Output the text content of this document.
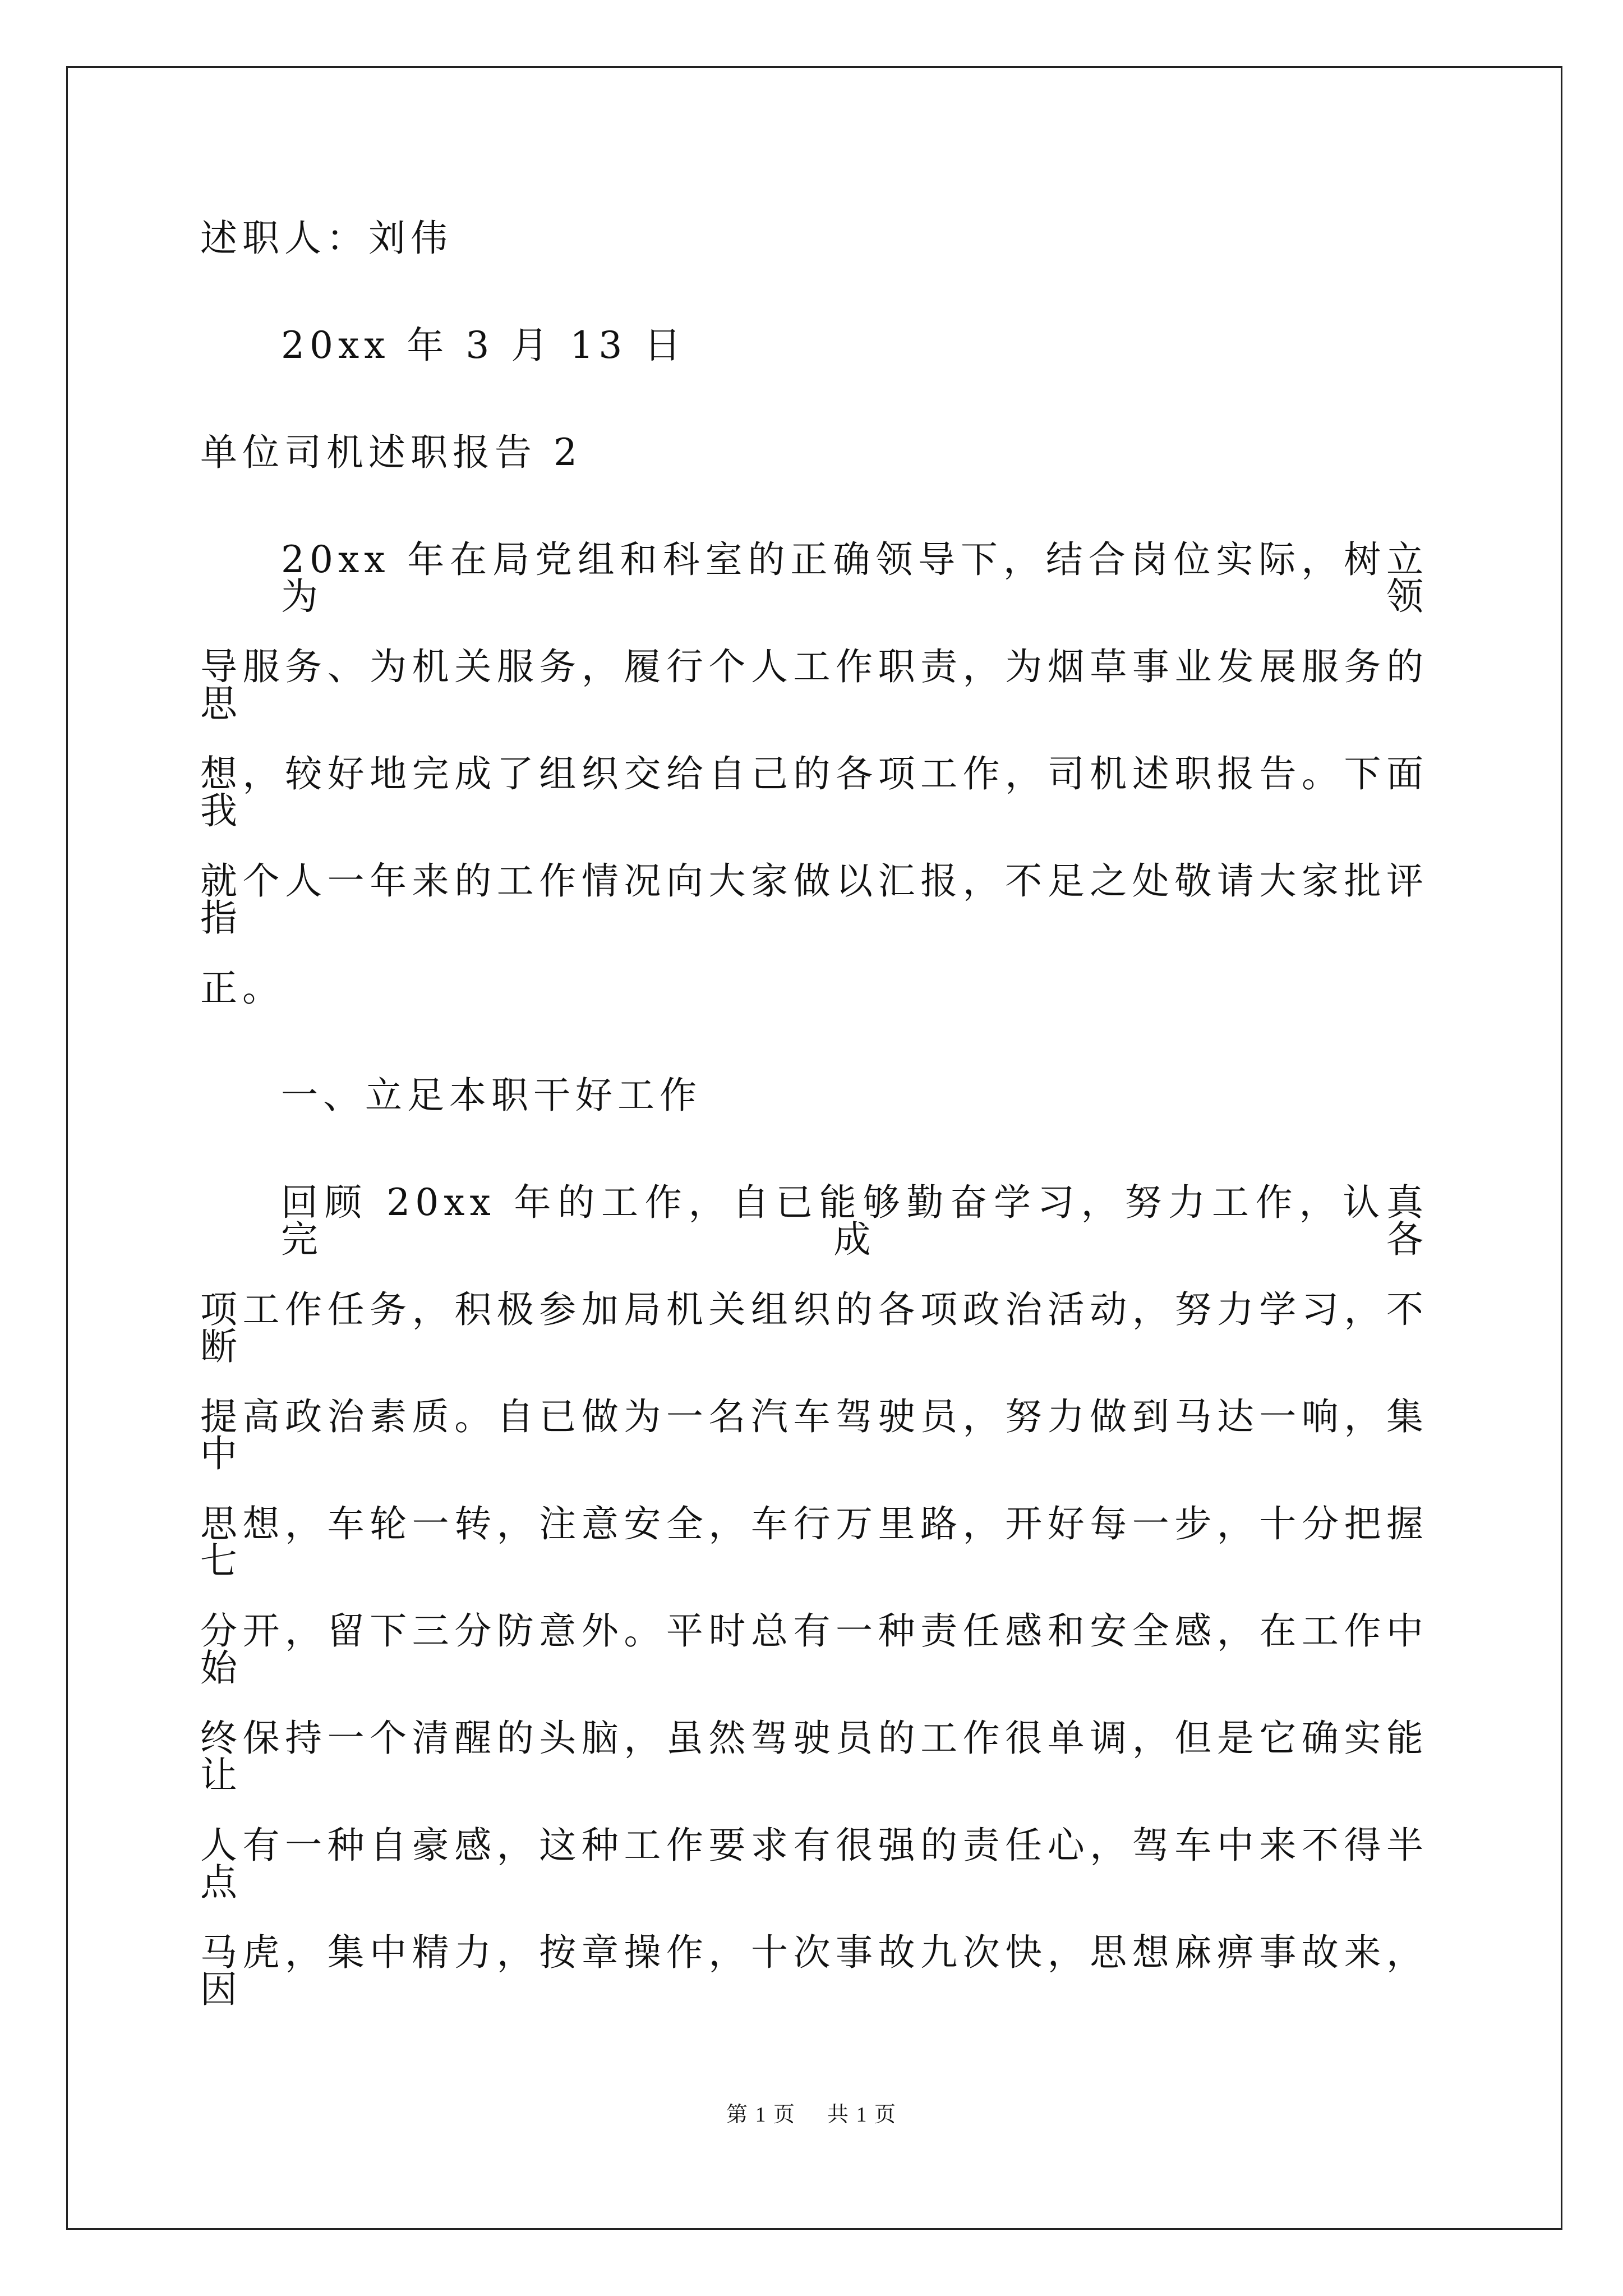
述职人：刘伟
20xx 年 3 月 13 日
单位司机述职报告 2
20xx 年在局党组和科室的正确领导下，结合岗位实际，树立为领
导服务、为机关服务，履行个人工作职责，为烟草事业发展服务的思
想，较好地完成了组织交给自己的各项工作，司机述职报告。下面我
就个人一年来的工作情况向大家做以汇报，不足之处敬请大家批评指
正。
一、立足本职干好工作
回顾 20xx 年的工作，自已能够勤奋学习，努力工作，认真完成各
项工作任务，积极参加局机关组织的各项政治活动，努力学习，不断
提高政治素质。自已做为一名汽车驾驶员，努力做到马达一响，集中
思想，车轮一转，注意安全，车行万里路，开好每一步，十分把握七
分开，留下三分防意外。平时总有一种责任感和安全感，在工作中始
终保持一个清醒的头脑，虽然驾驶员的工作很单调，但是它确实能让
人有一种自豪感，这种工作要求有很强的责任心，驾车中来不得半点
马虎，集中精力，按章操作，十次事故九次快，思想麻痹事故来，因
第 1 页 共 1 页
